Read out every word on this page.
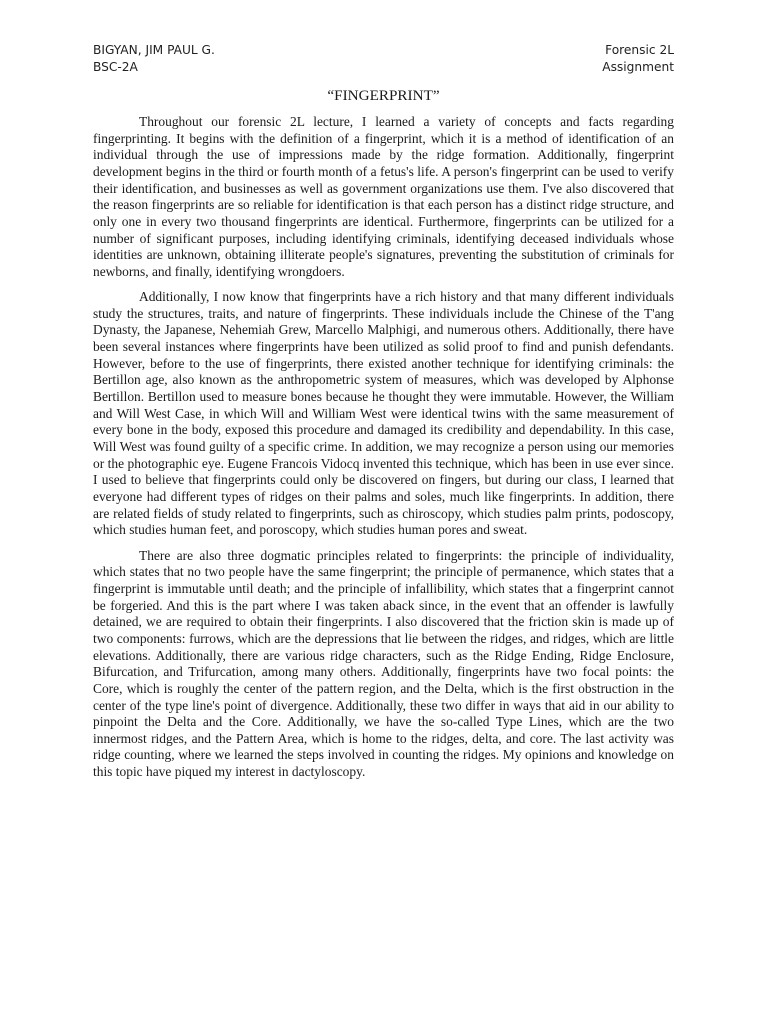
BIGYAN, JIM PAUL G.
BSC-2A
Forensic 2L
Assignment
“FINGERPRINT”

Throughout our forensic 2L lecture, I learned a variety of concepts and facts regarding fingerprinting. It begins with the definition of a fingerprint, which it is a method of identification of an individual through the use of impressions made by the ridge formation. Additionally, fingerprint development begins in the third or fourth month of a fetus's life. A person's fingerprint can be used to verify their identification, and businesses as well as government organizations use them. I've also discovered that the reason fingerprints are so reliable for identification is that each person has a distinct ridge structure, and only one in every two thousand fingerprints are identical. Furthermore, fingerprints can be utilized for a number of significant purposes, including identifying criminals, identifying deceased individuals whose identities are unknown, obtaining illiterate people's signatures, preventing the substitution of criminals for newborns, and finally, identifying wrongdoers.

Additionally, I now know that fingerprints have a rich history and that many different individuals study the structures, traits, and nature of fingerprints. These individuals include the Chinese of the T'ang Dynasty, the Japanese, Nehemiah Grew, Marcello Malphigi, and numerous others. Additionally, there have been several instances where fingerprints have been utilized as solid proof to find and punish defendants. However, before to the use of fingerprints, there existed another technique for identifying criminals: the Bertillon age, also known as the anthropometric system of measures, which was developed by Alphonse Bertillon. Bertillon used to measure bones because he thought they were immutable. However, the William and Will West Case, in which Will and William West were identical twins with the same measurement of every bone in the body, exposed this procedure and damaged its credibility and dependability. In this case, Will West was found guilty of a specific crime. In addition, we may recognize a person using our memories or the photographic eye. Eugene Francois Vidocq invented this technique, which has been in use ever since. I used to believe that fingerprints could only be discovered on fingers, but during our class, I learned that everyone had different types of ridges on their palms and soles, much like fingerprints. In addition, there are related fields of study related to fingerprints, such as chiroscopy, which studies palm prints, podoscopy, which studies human feet, and poroscopy, which studies human pores and sweat.

There are also three dogmatic principles related to fingerprints: the principle of individuality, which states that no two people have the same fingerprint; the principle of permanence, which states that a fingerprint is immutable until death; and the principle of infallibility, which states that a fingerprint cannot be forgeried. And this is the part where I was taken aback since, in the event that an offender is lawfully detained, we are required to obtain their fingerprints. I also discovered that the friction skin is made up of two components: furrows, which are the depressions that lie between the ridges, and ridges, which are little elevations. Additionally, there are various ridge characters, such as the Ridge Ending, Ridge Enclosure, Bifurcation, and Trifurcation, among many others. Additionally, fingerprints have two focal points: the Core, which is roughly the center of the pattern region, and the Delta, which is the first obstruction in the center of the type line's point of divergence. Additionally, these two differ in ways that aid in our ability to pinpoint the Delta and the Core. Additionally, we have the so-called Type Lines, which are the two innermost ridges, and the Pattern Area, which is home to the ridges, delta, and core. The last activity was ridge counting, where we learned the steps involved in counting the ridges. My opinions and knowledge on this topic have piqued my interest in dactyloscopy.
